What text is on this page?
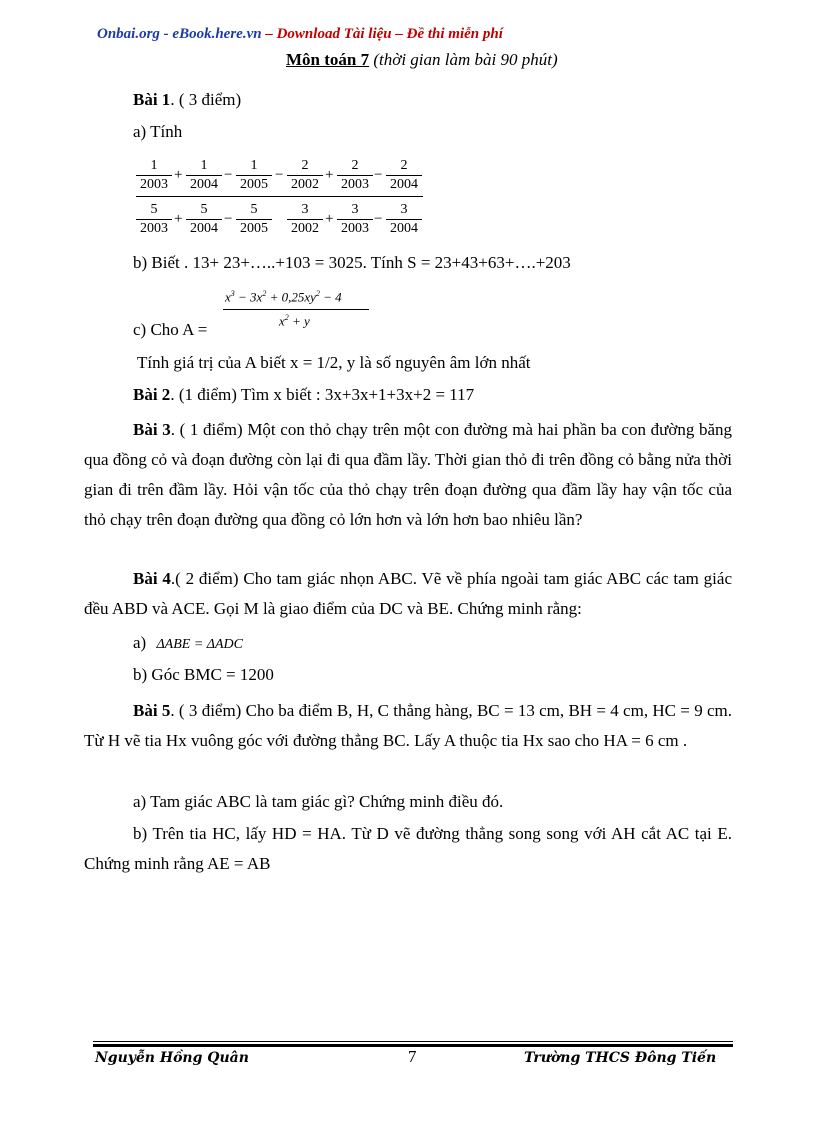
Onbai.org - eBook.here.vn – Download Tài liệu – Đề thi miễn phí
Môn toán 7 (thời gian làm bài 90 phút)
Bài 1. ( 3 điểm)
a) Tính
1
2003
1
2004
1
2005
2
2002
2
2003
2
2004
5
2003
5
2004
5
2005
3
2002
3
2003
3
2004
+	−	−	+	−
+	−	+	−
b) Biết . 13+ 23+…..+103 = 3025. Tính S = 23+43+63+….+203
$x^3 - 3x^2 + 0,25xy^2 - 4$
$x^2 + y$
c) Cho A =
Tính giá trị của A biết x = 1/2, y là số nguyên âm lớn nhất
Bài 2. (1 điểm) Tìm x biết : 3x+3x+1+3x+2 = 117
Bài 3. ( 1 điểm) Một con thỏ chạy trên một con đường mà hai phần ba con đường băng qua đồng cỏ và đoạn đường còn lại đi qua đầm lầy. Thời gian thỏ đi trên đồng cỏ bằng nửa thời gian đi trên đầm lầy. Hỏi vận tốc của thỏ chạy trên đoạn đường qua đầm lầy hay vận tốc của thỏ chạy trên đoạn đường qua đồng cỏ lớn hơn và lớn hơn bao nhiêu lần?
Bài 4.( 2 điểm) Cho tam giác nhọn ABC. Vẽ về phía ngoài tam giác ABC các tam giác đều ABD và ACE. Gọi M là giao điểm của DC và BE. Chứng minh rằng:
a) ΔABE = ΔADC
b) Góc BMC = 1200
Bài 5. ( 3 điểm) Cho ba điểm B, H, C thẳng hàng, BC = 13 cm, BH = 4 cm, HC = 9 cm. Từ H vẽ tia Hx vuông góc với đường thẳng BC. Lấy A thuộc tia Hx sao cho HA = 6 cm .
a) Tam giác ABC là tam giác gì? Chứng minh điều đó.
b) Trên tia HC, lấy HD = HA. Từ D vẽ đường thẳng song song với AH cắt AC tại E. Chứng minh rằng AE = AB
Nguyễn Hồng Quân	7	Trường THCS Đông Tiến
